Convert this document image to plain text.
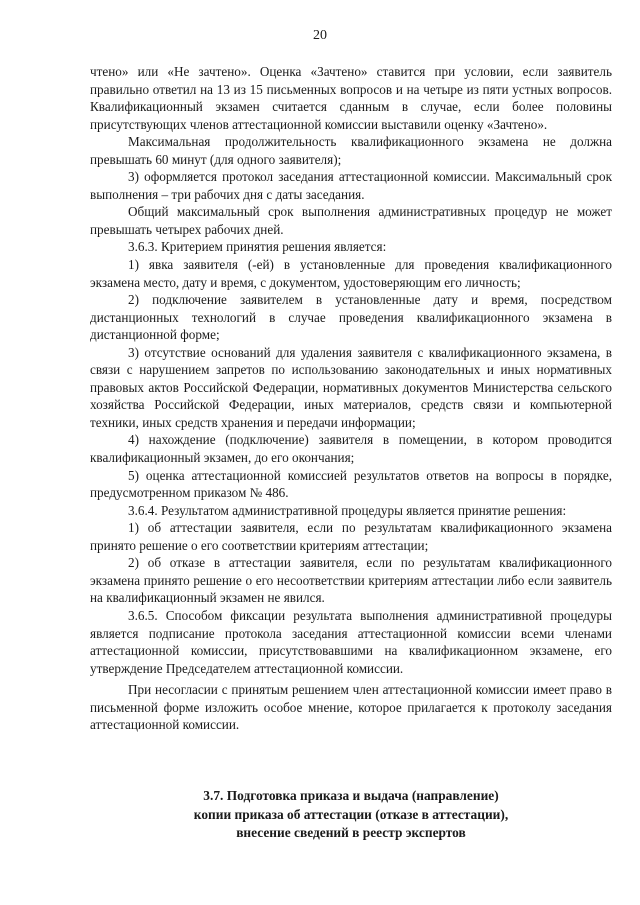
20

чтено» или «Не зачтено». Оценка «Зачтено» ставится при условии, если заявитель правильно ответил на 13 из 15 письменных вопросов и на четыре из пяти устных вопросов. Квалификационный экзамен считается сданным в случае, если более половины присутствующих членов аттестационной комиссии выставили оценку «Зачтено».

Максимальная продолжительность квалификационного экзамена не должна превышать 60 минут (для одного заявителя);

3) оформляется протокол заседания аттестационной комиссии. Максимальный срок выполнения – три рабочих дня с даты заседания.

Общий максимальный срок выполнения административных процедур не может превышать четырех рабочих дней.

3.6.3. Критерием принятия решения является:

1) явка заявителя (-ей) в установленные для проведения квалификационного экзамена место, дату и время, с документом, удостоверяющим его личность;

2) подключение заявителем в установленные дату и время, посредством дистанционных технологий в случае проведения квалификационного экзамена в дистанционной форме;

3) отсутствие оснований для удаления заявителя с квалификационного экзамена, в связи с нарушением запретов по использованию законодательных и иных нормативных правовых актов Российской Федерации, нормативных документов Министерства сельского хозяйства Российской Федерации, иных материалов, средств связи и компьютерной техники, иных средств хранения и передачи информации;

4) нахождение (подключение) заявителя в помещении, в котором проводится квалификационный экзамен, до его окончания;

5) оценка аттестационной комиссией результатов ответов на вопросы в порядке, предусмотренном приказом № 486.

3.6.4. Результатом административной процедуры является принятие решения:

1) об аттестации заявителя, если по результатам квалификационного экзамена принято решение о его соответствии критериям аттестации;

2) об отказе в аттестации заявителя, если по результатам квалификационного экзамена принято решение о его несоответствии критериям аттестации либо если заявитель на квалификационный экзамен не явился.

3.6.5. Способом фиксации результата выполнения административной процедуры является подписание протокола заседания аттестационной комиссии всеми членами аттестационной комиссии, присутствовавшими на квалификационном экзамене, его утверждение Председателем аттестационной комиссии.

При несогласии с принятым решением член аттестационной комиссии имеет право в письменной форме изложить особое мнение, которое прилагается к протоколу заседания аттестационной комиссии.

3.7. Подготовка приказа и выдача (направление)
копии приказа об аттестации (отказе в аттестации),
внесение сведений в реестр экспертов
